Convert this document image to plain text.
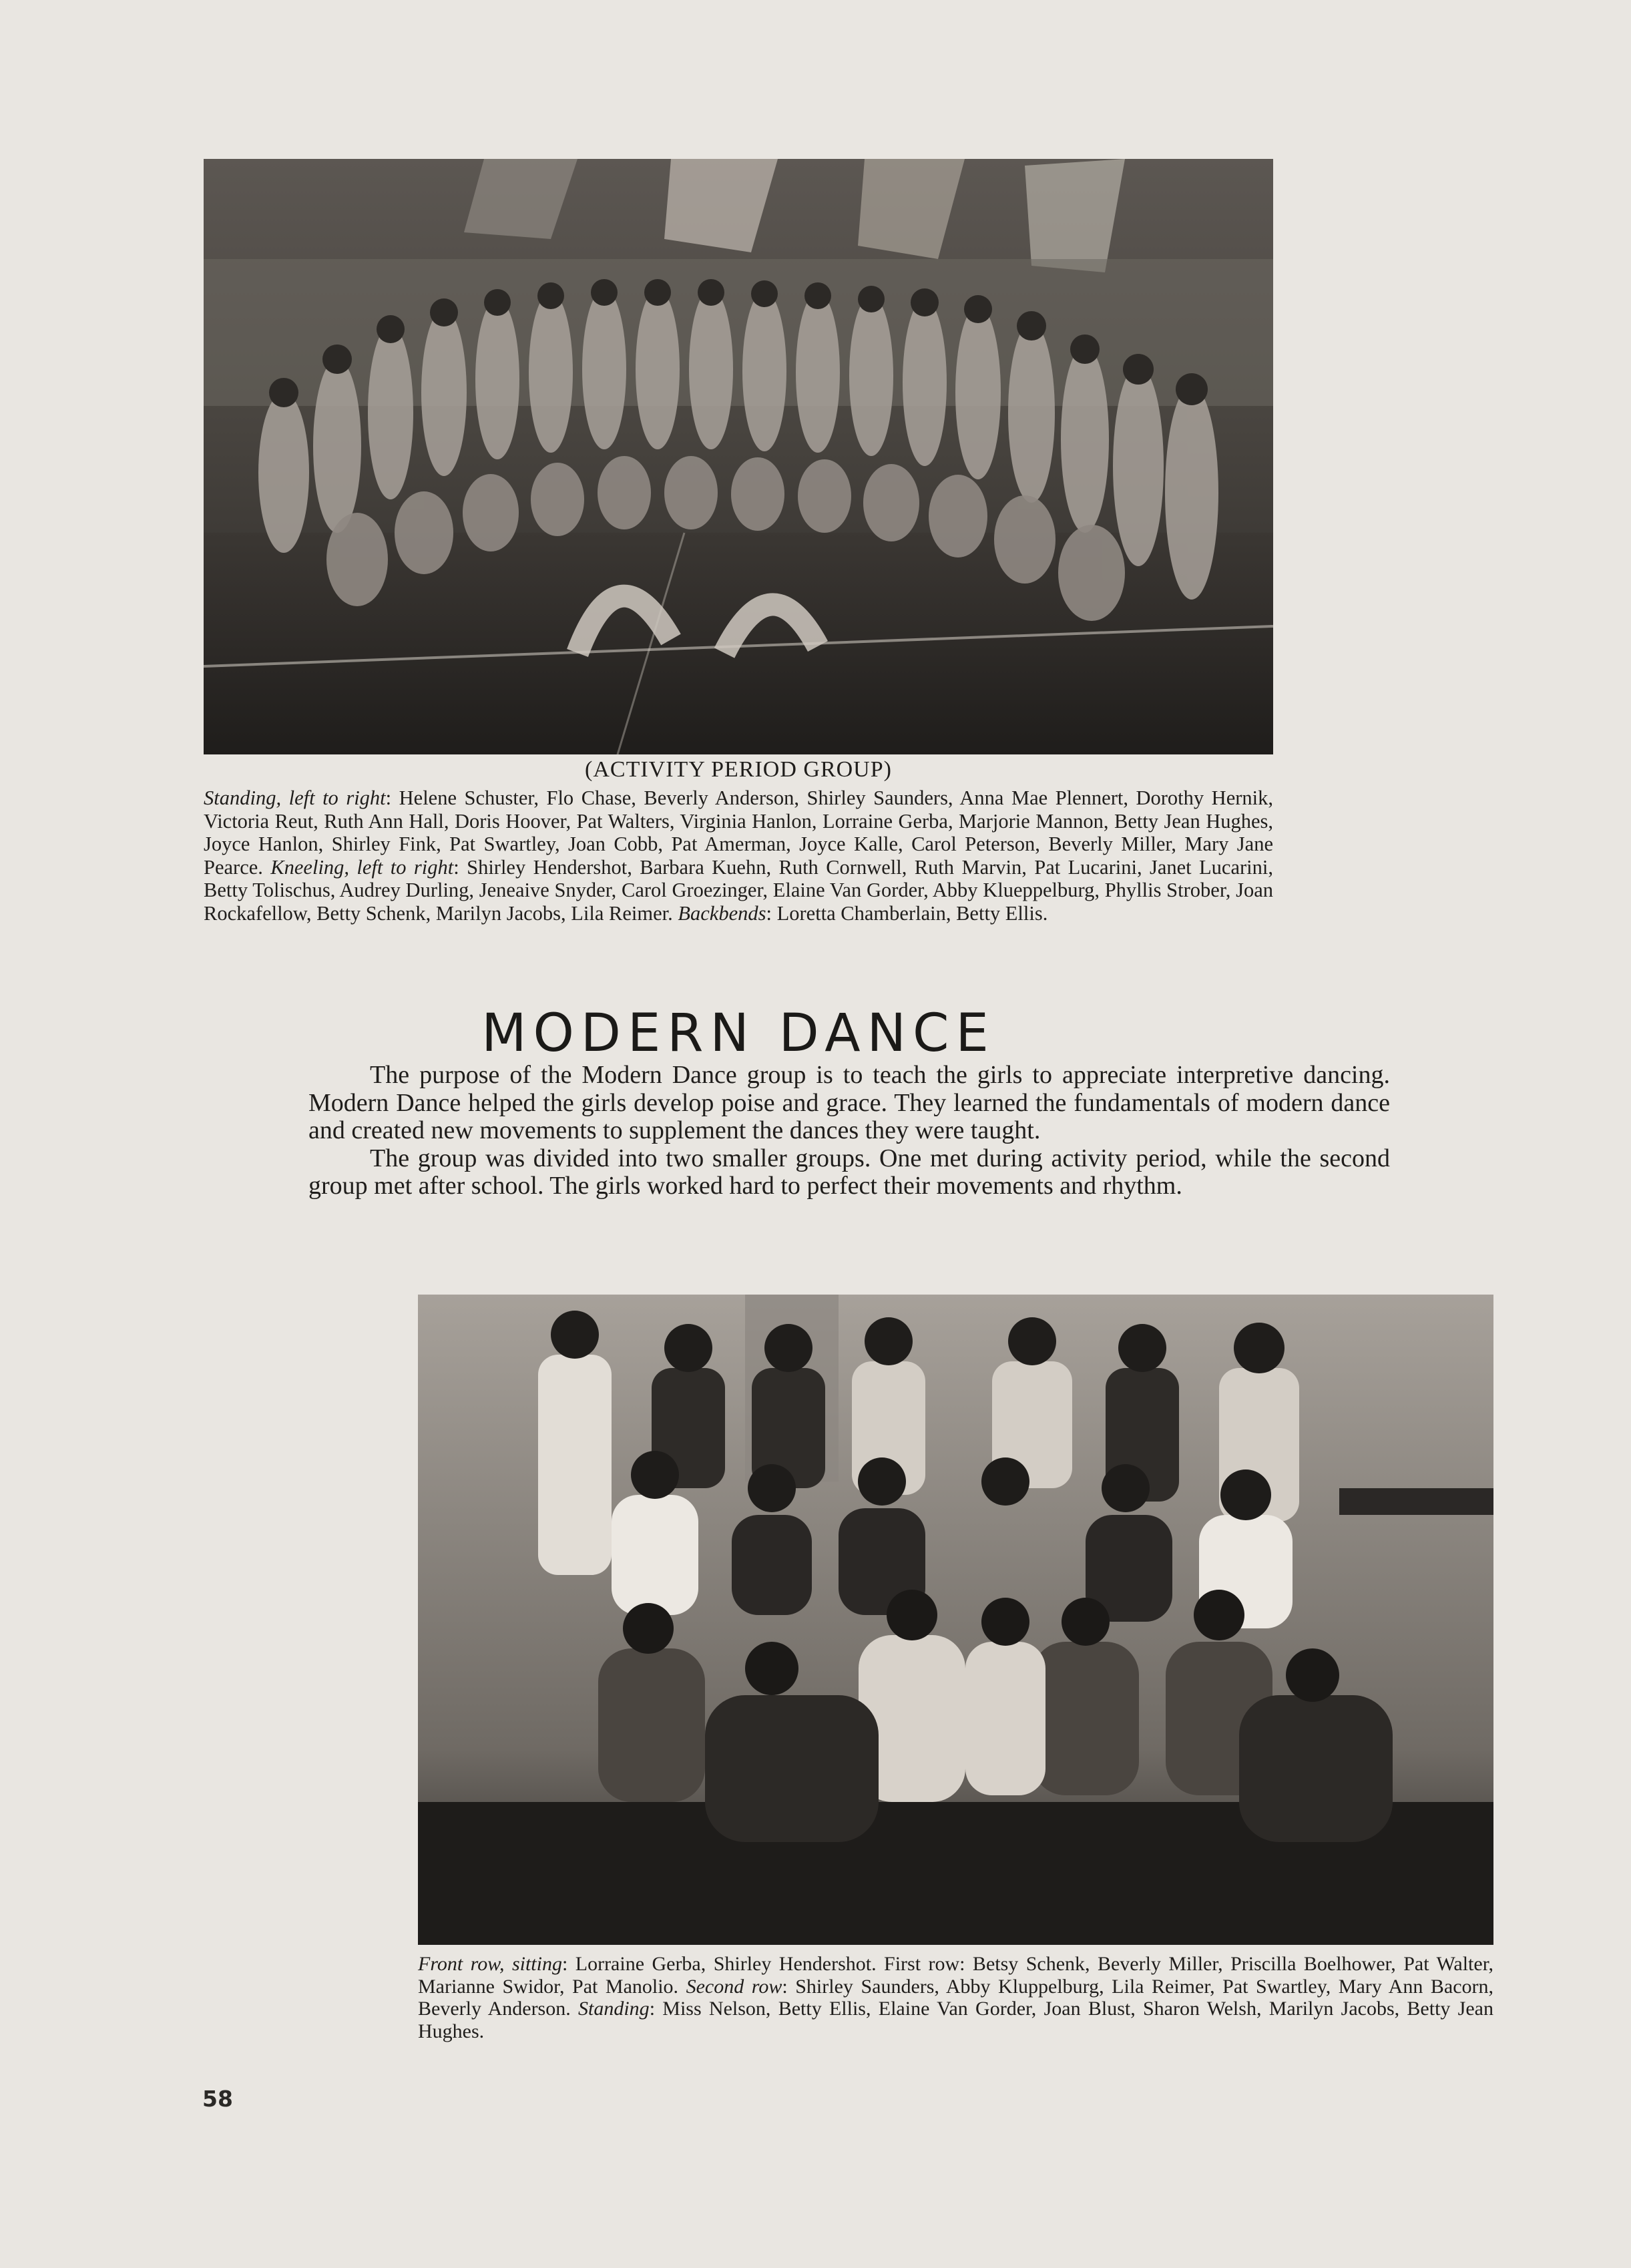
(ACTIVITY PERIOD GROUP)

Standing, left to right: Helene Schuster, Flo Chase, Beverly Anderson, Shirley Saunders, Anna Mae Plennert, Dorothy Hernik, Victoria Reut, Ruth Ann Hall, Doris Hoover, Pat Walters, Virginia Hanlon, Lorraine Gerba, Marjorie Mannon, Betty Jean Hughes, Joyce Hanlon, Shirley Fink, Pat Swartley, Joan Cobb, Pat Amerman, Joyce Kalle, Carol Peterson, Beverly Miller, Mary Jane Pearce. Kneeling, left to right: Shirley Hendershot, Barbara Kuehn, Ruth Cornwell, Ruth Marvin, Pat Lucarini, Janet Lucarini, Betty Tolischus, Audrey Durling, Jeneaive Snyder, Carol Groezinger, Elaine Van Gorder, Abby Klueppelburg, Phyllis Strober, Joan Rockafellow, Betty Schenk, Marilyn Jacobs, Lila Reimer. Backbends: Loretta Chamberlain, Betty Ellis.

MODERN DANCE

The purpose of the Modern Dance group is to teach the girls to appreciate interpretive dancing. Modern Dance helped the girls develop poise and grace. They learned the fundamentals of modern dance and created new movements to supplement the dances they were taught.

The group was divided into two smaller groups. One met during activity period, while the second group met after school. The girls worked hard to perfect their movements and rhythm.

Front row, sitting: Lorraine Gerba, Shirley Hendershot. First row: Betsy Schenk, Beverly Miller, Priscilla Boelhower, Pat Walter, Marianne Swidor, Pat Manolio. Second row: Shirley Saunders, Abby Kluppelburg, Lila Reimer, Pat Swartley, Mary Ann Bacorn, Beverly Anderson. Standing: Miss Nelson, Betty Ellis, Elaine Van Gorder, Joan Blust, Sharon Welsh, Marilyn Jacobs, Betty Jean Hughes.

58
